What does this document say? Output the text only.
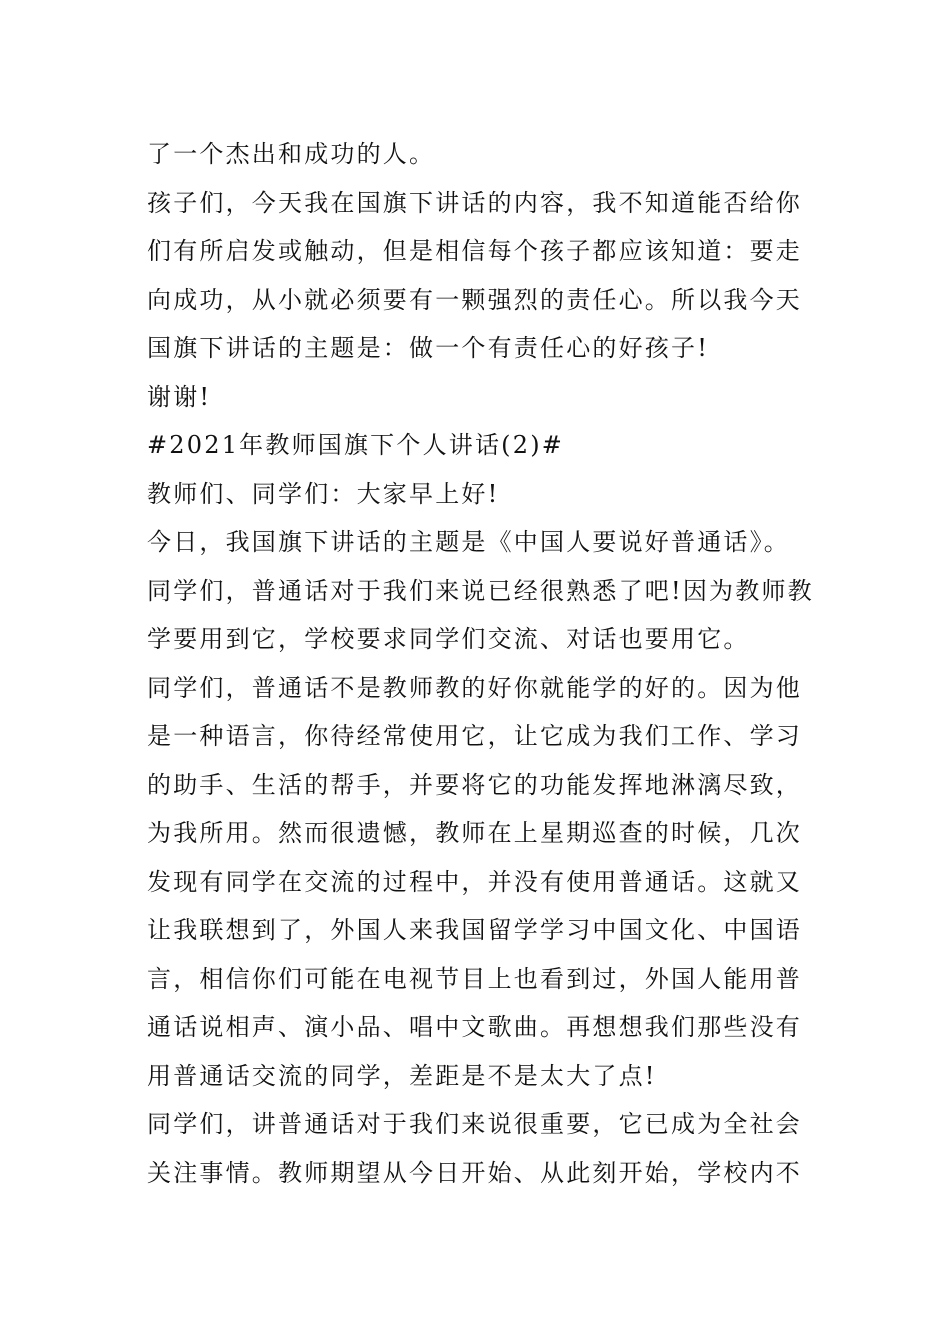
了一个杰出和成功的人。
孩子们，今天我在国旗下讲话的内容，我不知道能否给你
们有所启发或触动，但是相信每个孩子都应该知道：要走
向成功，从小就必须要有一颗强烈的责任心。所以我今天
国旗下讲话的主题是：做一个有责任心的好孩子!
谢谢!
#2021年教师国旗下个人讲话(2)#
教师们、同学们：大家早上好!
今日，我国旗下讲话的主题是《中国人要说好普通话》。
同学们，普通话对于我们来说已经很熟悉了吧!因为教师教
学要用到它，学校要求同学们交流、对话也要用它。
同学们，普通话不是教师教的好你就能学的好的。因为他
是一种语言，你待经常使用它，让它成为我们工作、学习
的助手、生活的帮手，并要将它的功能发挥地淋漓尽致，
为我所用。然而很遗憾，教师在上星期巡查的时候，几次
发现有同学在交流的过程中，并没有使用普通话。这就又
让我联想到了，外国人来我国留学学习中国文化、中国语
言，相信你们可能在电视节目上也看到过，外国人能用普
通话说相声、演小品、唱中文歌曲。再想想我们那些没有
用普通话交流的同学，差距是不是太大了点!
同学们，讲普通话对于我们来说很重要，它已成为全社会
关注事情。教师期望从今日开始、从此刻开始，学校内不
